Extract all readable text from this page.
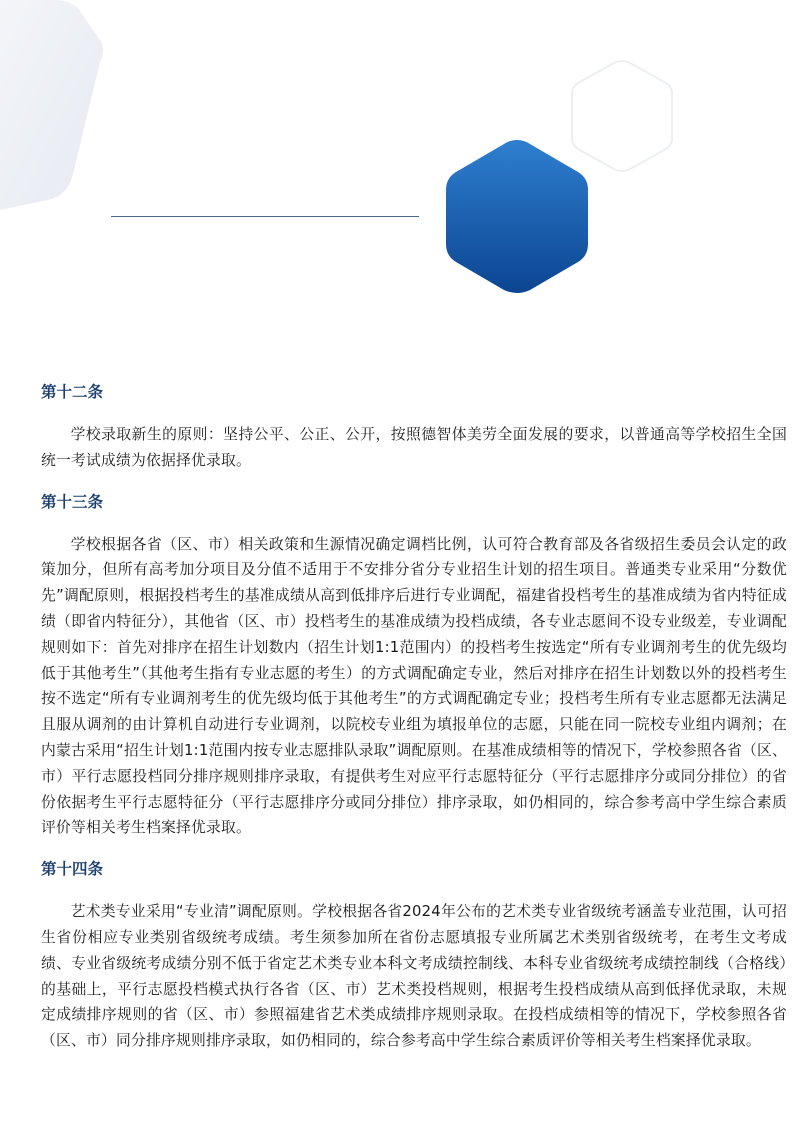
第十二条

学校录取新生的原则：坚持公平、公正、公开，按照德智体美劳全面发展的要求，以普通高等学校招生全国统一考试成绩为依据择优录取。

第十三条

学校根据各省（区、市）相关政策和生源情况确定调档比例，认可符合教育部及各省级招生委员会认定的政策加分，但所有高考加分项目及分值不适用于不安排分省分专业招生计划的招生项目。普通类专业采用“分数优先”调配原则，根据投档考生的基准成绩从高到低排序后进行专业调配，福建省投档考生的基准成绩为省内特征成绩（即省内特征分），其他省（区、市）投档考生的基准成绩为投档成绩，各专业志愿间不设专业级差，专业调配规则如下：首先对排序在招生计划数内（招生计划1:1范围内）的投档考生按选定“所有专业调剂考生的优先级均低于其他考生”（其他考生指有专业志愿的考生）的方式调配确定专业，然后对排序在招生计划数以外的投档考生按不选定“所有专业调剂考生的优先级均低于其他考生”的方式调配确定专业；投档考生所有专业志愿都无法满足且服从调剂的由计算机自动进行专业调剂，以院校专业组为填报单位的志愿，只能在同一院校专业组内调剂；在内蒙古采用“招生计划1:1范围内按专业志愿排队录取”调配原则。在基准成绩相等的情况下，学校参照各省（区、市）平行志愿投档同分排序规则排序录取，有提供考生对应平行志愿特征分（平行志愿排序分或同分排位）的省份依据考生平行志愿特征分（平行志愿排序分或同分排位）排序录取，如仍相同的，综合参考高中学生综合素质评价等相关考生档案择优录取。

第十四条

艺术类专业采用“专业清”调配原则。学校根据各省2024年公布的艺术类专业省级统考涵盖专业范围，认可招生省份相应专业类别省级统考成绩。考生须参加所在省份志愿填报专业所属艺术类别省级统考，在考生文考成绩、专业省级统考成绩分别不低于省定艺术类专业本科文考成绩控制线、本科专业省级统考成绩控制线（合格线）的基础上，平行志愿投档模式执行各省（区、市）艺术类投档规则，根据考生投档成绩从高到低择优录取，未规定成绩排序规则的省（区、市）参照福建省艺术类成绩排序规则录取。在投档成绩相等的情况下，学校参照各省（区、市）同分排序规则排序录取，如仍相同的，综合参考高中学生综合素质评价等相关考生档案择优录取。
